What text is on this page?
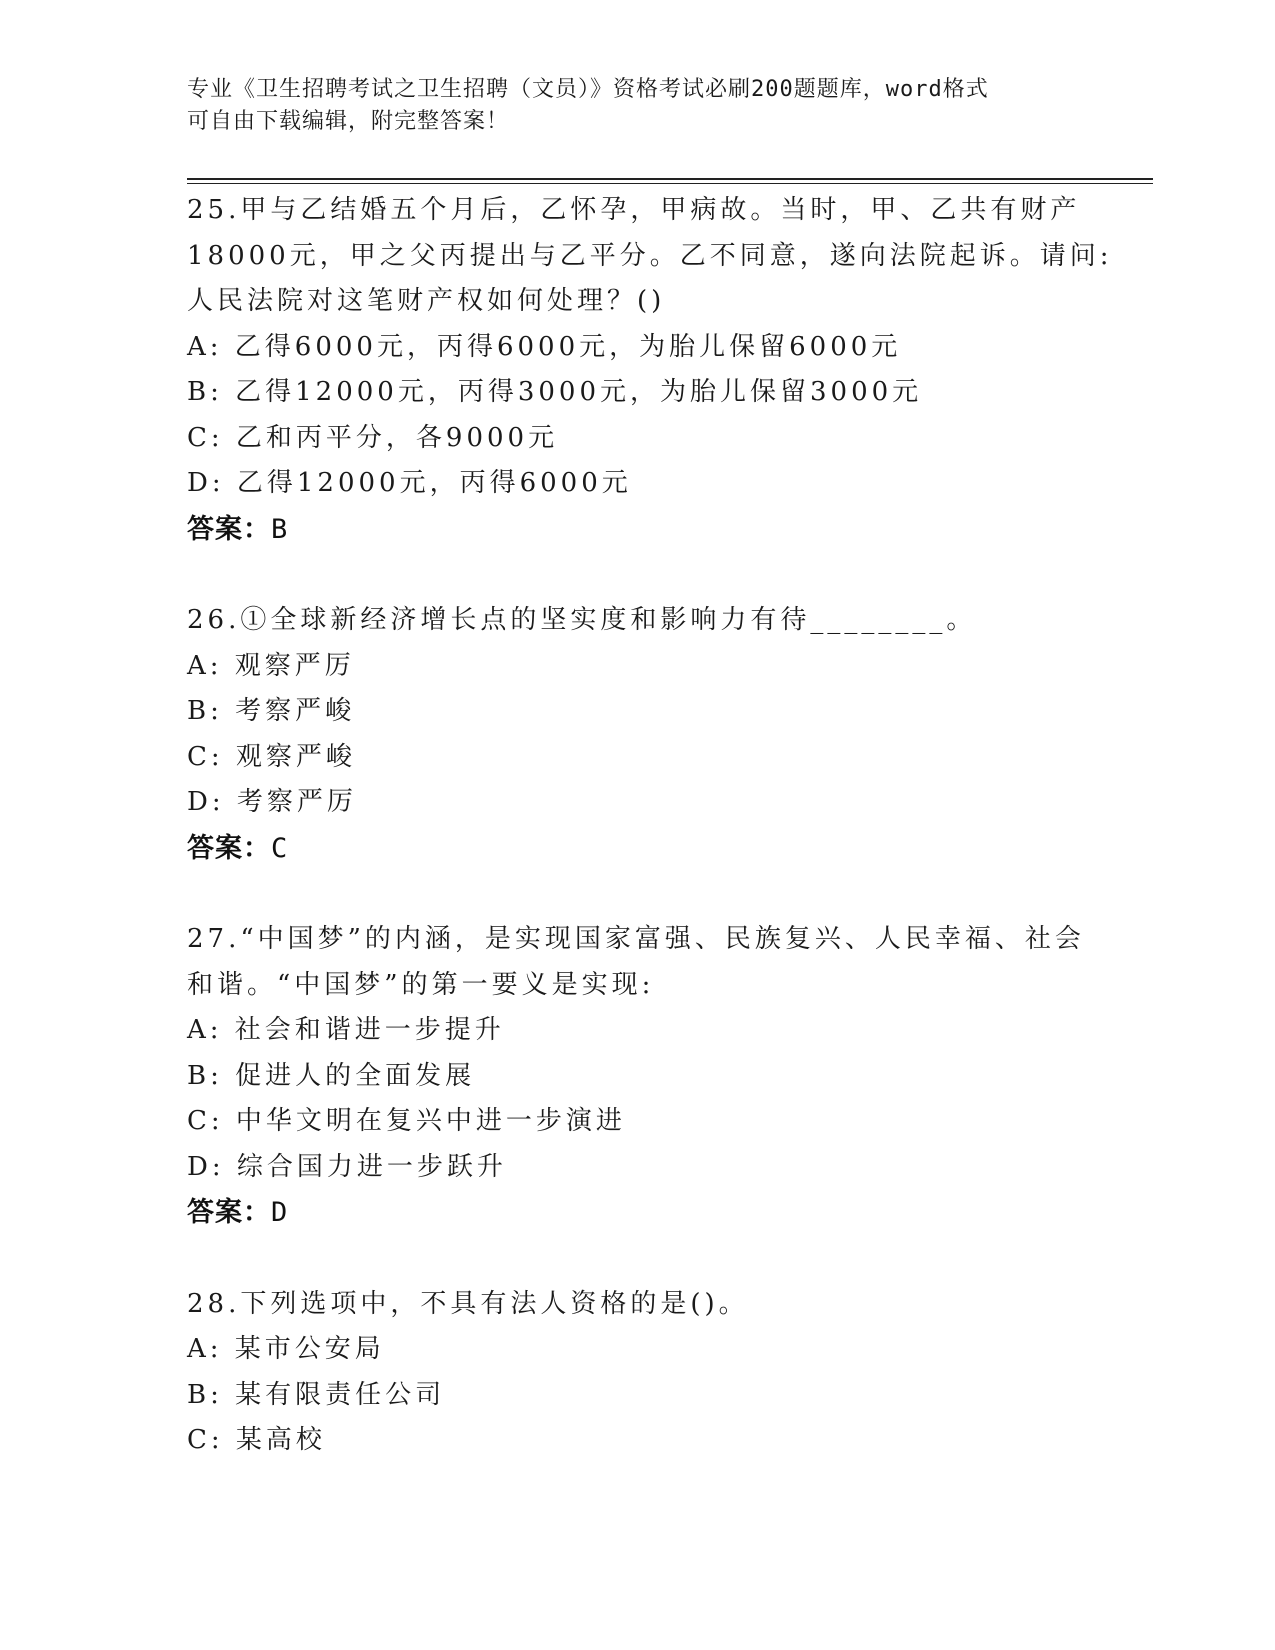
专业《卫生招聘考试之卫生招聘（文员）》资格考试必刷200题题库，word格式
可自由下载编辑，附完整答案！
25.甲与乙结婚五个月后，乙怀孕，甲病故。当时，甲、乙共有财产
18000元，甲之父丙提出与乙平分。乙不同意，遂向法院起诉。请问:
人民法院对这笔财产权如何处理？()
A: 乙得6000元，丙得6000元，为胎儿保留6000元
B: 乙得12000元，丙得3000元，为胎儿保留3000元
C: 乙和丙平分，各9000元
D: 乙得12000元，丙得6000元
答案：B
26.①全球新经济增长点的坚实度和影响力有待________。
A: 观察严厉
B: 考察严峻
C: 观察严峻
D: 考察严厉
答案：C
27.“中国梦”的内涵，是实现国家富强、民族复兴、人民幸福、社会
和谐。“中国梦”的第一要义是实现:
A: 社会和谐进一步提升
B: 促进人的全面发展
C: 中华文明在复兴中进一步演进
D: 综合国力进一步跃升
答案：D
28.下列选项中，不具有法人资格的是()。
A: 某市公安局
B: 某有限责任公司
C: 某高校
